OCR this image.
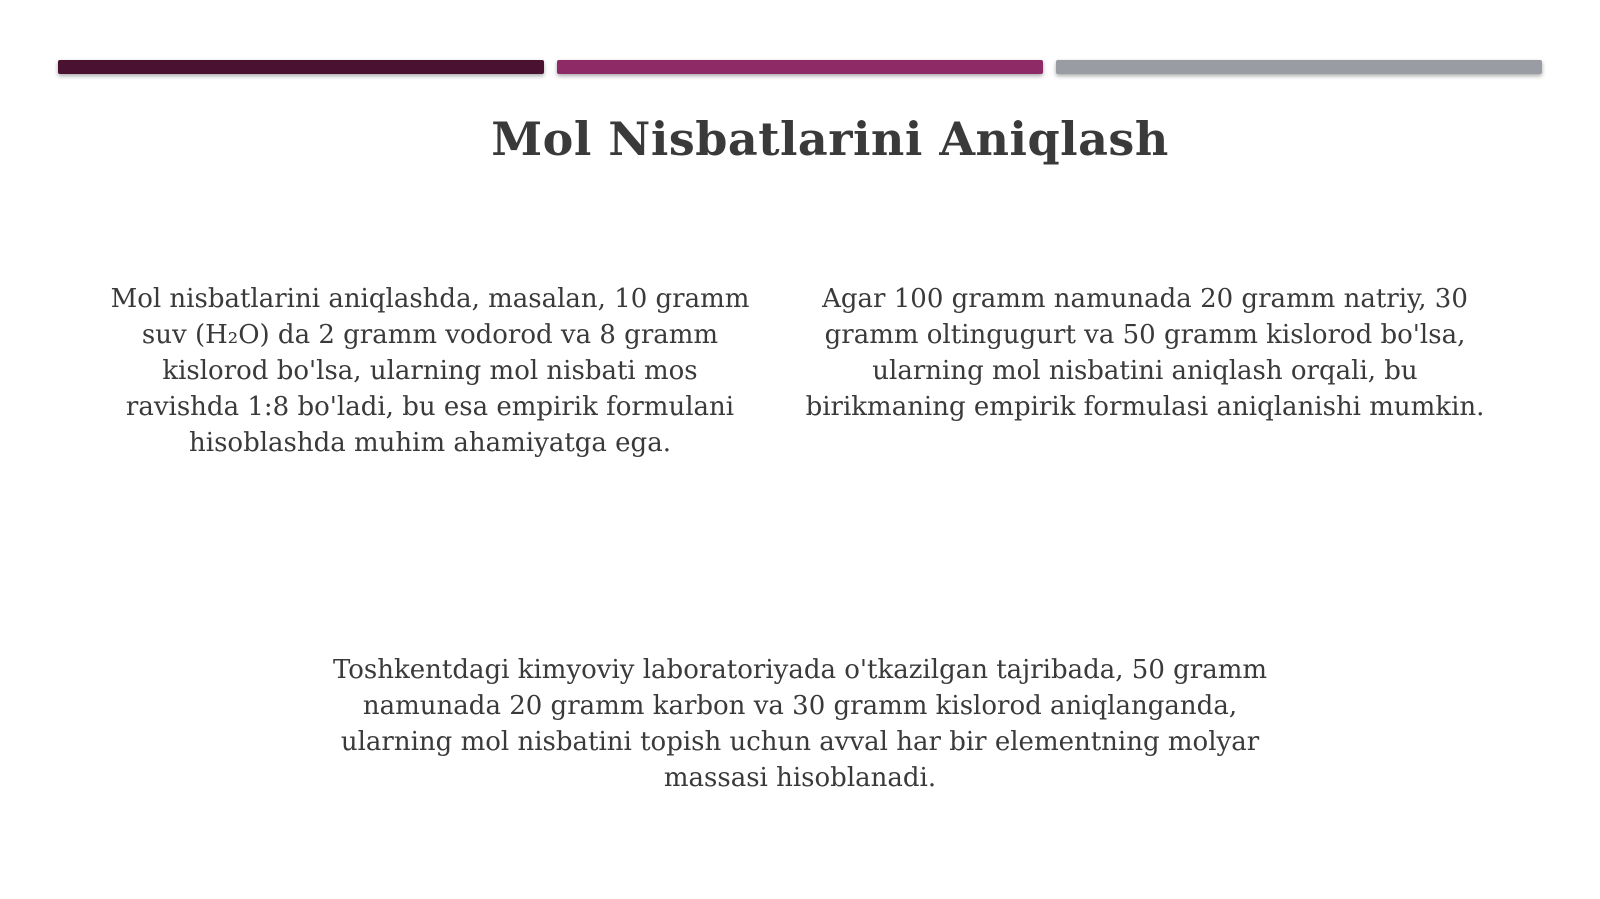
Mol Nisbatlarini Aniqlash

Mol nisbatlarini aniqlashda, masalan, 10 gramm suv (H₂O) da 2 gramm vodorod va 8 gramm kislorod bo'lsa, ularning mol nisbati mos ravishda 1:8 bo'ladi, bu esa empirik formulani hisoblashda muhim ahamiyatga ega.

Agar 100 gramm namunada 20 gramm natriy, 30 gramm oltingugurt va 50 gramm kislorod bo'lsa, ularning mol nisbatini aniqlash orqali, bu birikmaning empirik formulasi aniqlanishi mumkin.

Toshkentdagi kimyoviy laboratoriyada o'tkazilgan tajribada, 50 gramm namunada 20 gramm karbon va 30 gramm kislorod aniqlanganda, ularning mol nisbatini topish uchun avval har bir elementning molyar massasi hisoblanadi.
